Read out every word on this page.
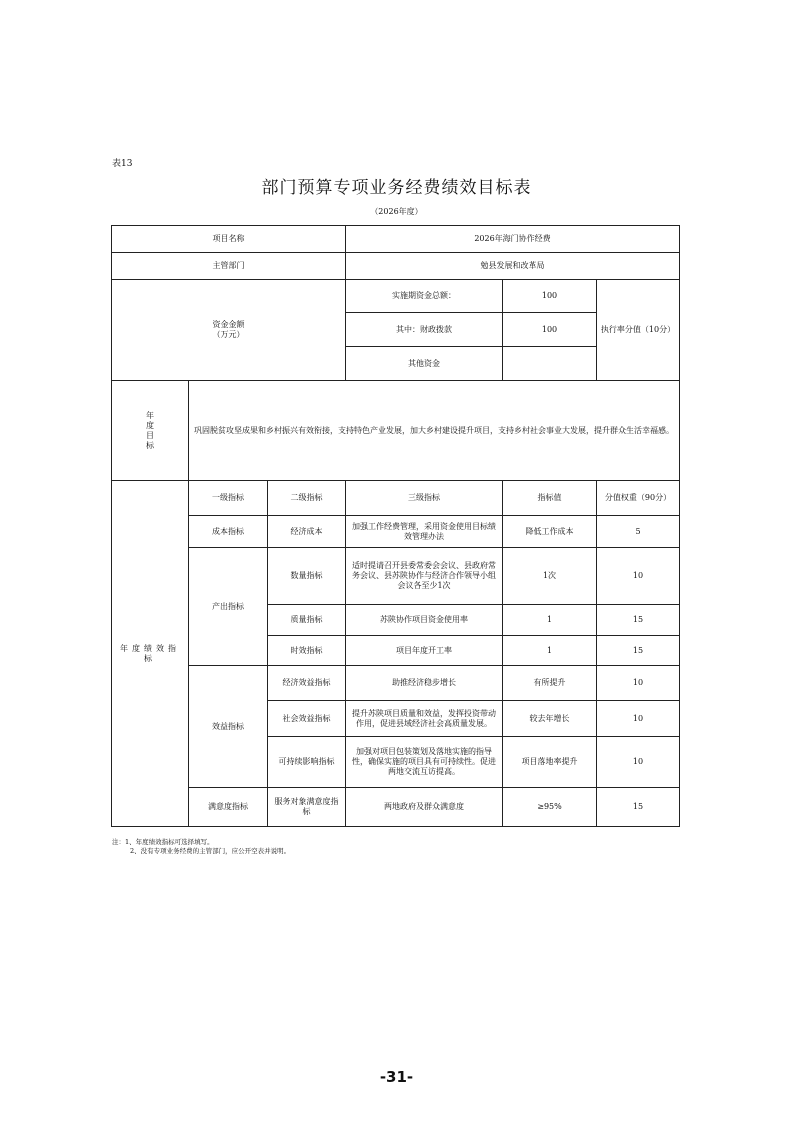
表13
部门预算专项业务经费绩效目标表
（2026年度）
项目名称			2026年海门协作经费		
主管部门			勉县发展和改革局		

资金金额
（万元）			实施期资金总额：	100	执行率分值（10分）
			其中：财政拨款	100	
			其他资金		
年度目标	巩固脱贫攻坚成果和乡村振兴有效衔接，支持特色产业发展，加大乡村建设提升项目，支持乡村社会事业大发展，提升群众生活幸福感。				
年度绩效指标	一级指标	二级指标	三级指标	指标值	分值权重（90分）
	成本指标	经济成本	加强工作经费管理，采用资金使用目标绩效管理办法	降低工作成本	5
	产出指标	数量指标	适时提请召开县委常委会会议、县政府常务会议、县苏陕协作与经济合作领导小组会议各至少1次	1次	10
		质量指标	苏陕协作项目资金使用率	1	15
		时效指标	项目年度开工率	1	15
	效益指标	经济效益指标	助推经济稳步增长	有所提升	10
		社会效益指标	提升苏陕项目质量和效益，发挥投资带动作用，促进县域经济社会高质量发展。	较去年增长	10
		可持续影响指标	加强对项目包装策划及落地实施的指导性，确保实施的项目具有可持续性。促进两地交流互访提高。	项目落地率提升	10
	满意度指标	服务对象满意度指标	两地政府及群众满意度	≥95%	15
注：1、年度绩效指标可选择填写。
2、没有专项业务经费的主管部门，应公开空表并说明。
-31-
